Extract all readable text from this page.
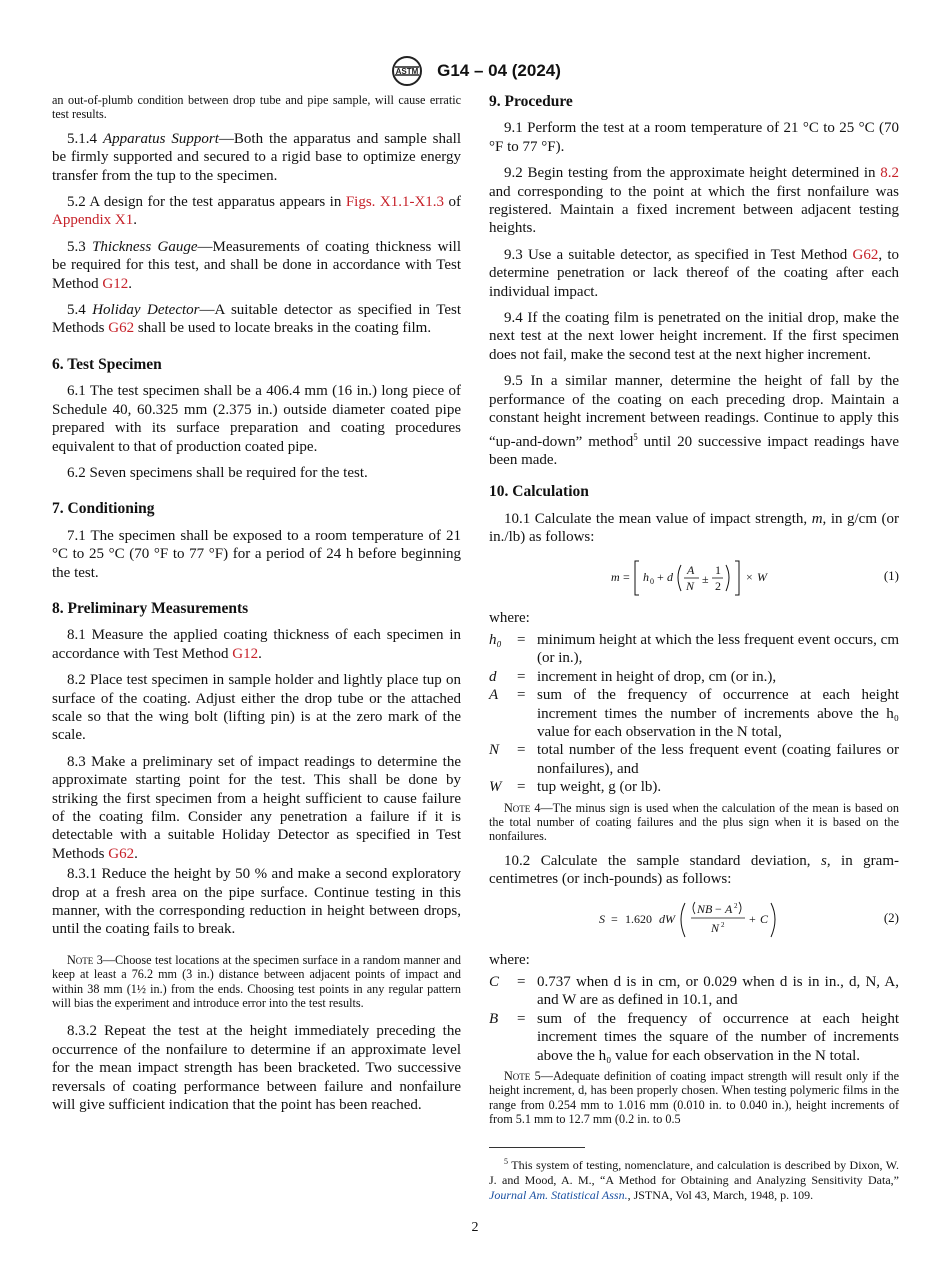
ASTM G14 – 04 (2024)

an out-of-plumb condition between drop tube and pipe sample, will cause erratic test results.

5.1.4 Apparatus Support—Both the apparatus and sample shall be firmly supported and secured to a rigid base to optimize energy transfer from the tup to the specimen.

5.2 A design for the test apparatus appears in Figs. X1.1-X1.3 of Appendix X1.

5.3 Thickness Gauge—Measurements of coating thickness will be required for this test, and shall be done in accordance with Test Method G12.

5.4 Holiday Detector—A suitable detector as specified in Test Methods G62 shall be used to locate breaks in the coating film.

6. Test Specimen

6.1 The test specimen shall be a 406.4 mm (16 in.) long piece of Schedule 40, 60.325 mm (2.375 in.) outside diameter coated pipe prepared with its surface preparation and coating procedures equivalent to that of production coated pipe.

6.2 Seven specimens shall be required for the test.

7. Conditioning

7.1 The specimen shall be exposed to a room temperature of 21 °C to 25 °C (70 °F to 77 °F) for a period of 24 h before beginning the test.

8. Preliminary Measurements

8.1 Measure the applied coating thickness of each specimen in accordance with Test Method G12.

8.2 Place test specimen in sample holder and lightly place tup on surface of the coating. Adjust either the drop tube or the attached scale so that the wing bolt (lifting pin) is at the zero mark of the scale.

8.3 Make a preliminary set of impact readings to determine the approximate starting point for the test. This shall be done by striking the first specimen from a height sufficient to cause failure of the coating film. Consider any penetration a failure if it is detectable with a suitable Holiday Detector as specified in Test Methods G62.

8.3.1 Reduce the height by 50 % and make a second exploratory drop at a fresh area on the pipe surface. Continue testing in this manner, with the corresponding reduction in height between drops, until the coating fails to break.

Note 3—Choose test locations at the specimen surface in a random manner and keep at least a 76.2 mm (3 in.) distance between adjacent points of impact and within 38 mm (1½ in.) from the ends. Choosing test points in any regular pattern will bias the experiment and introduce error into the test results.

8.3.2 Repeat the test at the height immediately preceding the occurrence of the nonfailure to determine if an approximate level for the mean impact strength has been bracketed. Two successive reversals of coating performance between failure and nonfailure will give sufficient indication that the point has been reached.

9. Procedure

9.1 Perform the test at a room temperature of 21 °C to 25 °C (70 °F to 77 °F).

9.2 Begin testing from the approximate height determined in 8.2 and corresponding to the point at which the first nonfailure was registered. Maintain a fixed increment between adjacent testing heights.

9.3 Use a suitable detector, as specified in Test Method G62, to determine penetration or lack thereof of the coating after each individual impact.

9.4 If the coating film is penetrated on the initial drop, make the next test at the next lower height increment. If the first specimen does not fail, make the second test at the next higher increment.

9.5 In a similar manner, determine the height of fall by the performance of the coating on each preceding drop. Maintain a constant height increment between readings. Continue to apply this “up-and-down” method$^5$ until 20 successive impact readings have been made.

10. Calculation

10.1 Calculate the mean value of impact strength, m, in g/cm (or in./lb) as follows:

m = h 0 + d A
N ±
1
2
× W	(1)

where:

h₀	= minimum height at which the less frequent event occurs, cm (or in.),
d	= increment in height of drop, cm (or in.),
A	= sum of the frequency of occurrence at each height increment times the number of increments above the h₀ value for each observation in the N total,
N	= total number of the less frequent event (coating failures or nonfailures), and
W	= tup weight, g (or lb).

Note 4—The minus sign is used when the calculation of the mean is based on the total number of coating failures and the plus sign when it is based on the nonfailures.

10.2 Calculate the sample standard deviation, s, in gram-centimetres (or inch-pounds) as follows:

S = 1.620 dW
NB − A 2
N 2 + C	(2)

where:

C	= 0.737 when d is in cm, or 0.029 when d is in in., d, N, A, and W are as defined in 10.1, and
B	= sum of the frequency of occurrence at each height increment times the square of the number of increments above the h₀ value for each observation in the N total.

Note 5—Adequate definition of coating impact strength will result only if the height increment, d, has been properly chosen. When testing polymeric films in the range from 0.254 mm to 1.016 mm (0.010 in. to 0.040 in.), height increments of from 5.1 mm to 12.7 mm (0.2 in. to 0.5

$^5$ This system of testing, nomenclature, and calculation is described by Dixon, W. J. and Mood, A. M., “A Method for Obtaining and Analyzing Sensitivity Data,” Journal Am. Statistical Assn., JSTNA, Vol 43, March, 1948, p. 109.

2
